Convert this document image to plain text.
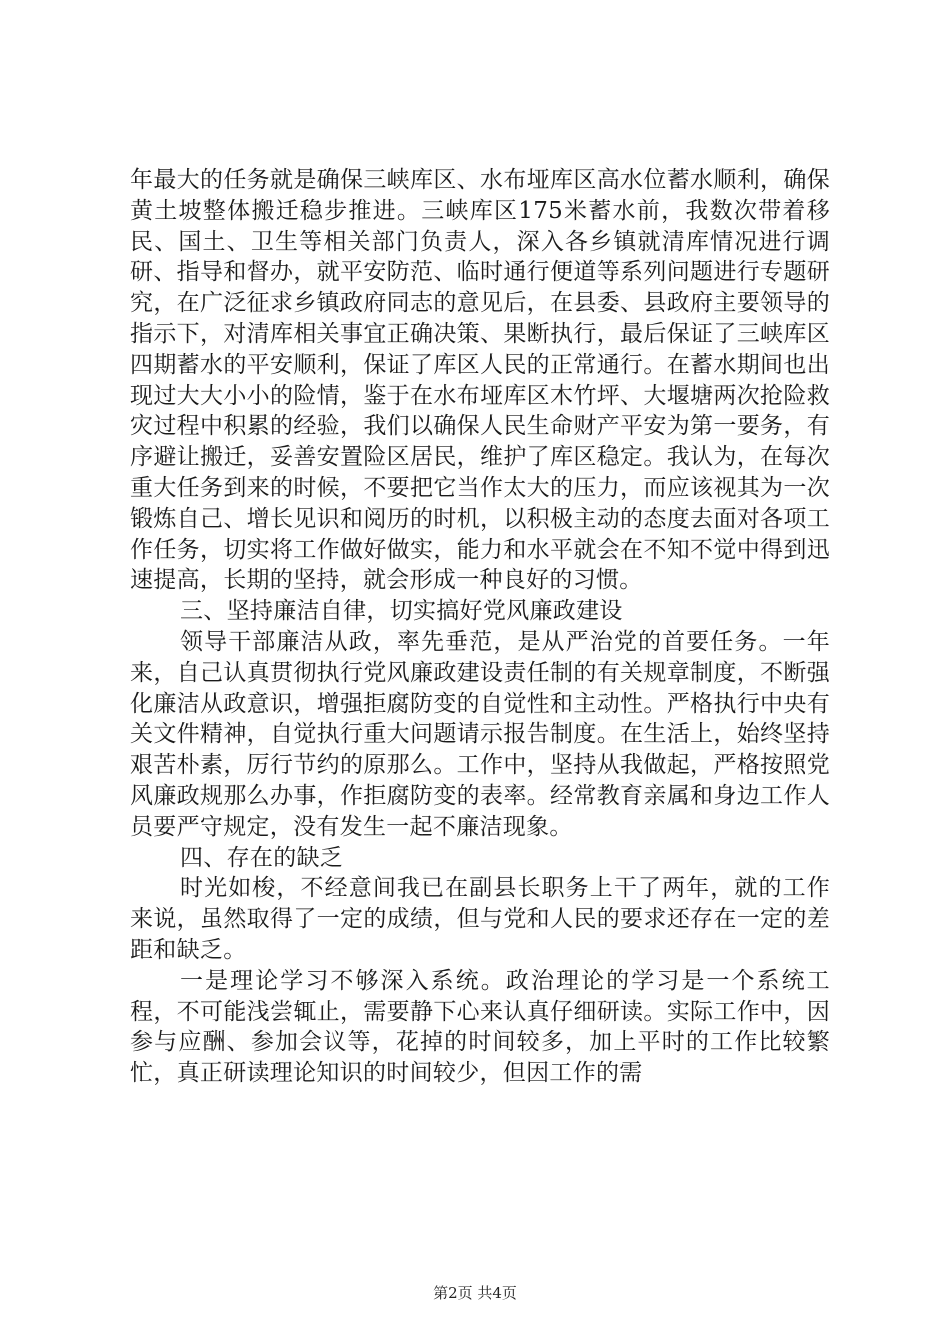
年最大的任务就是确保三峡库区、水布垭库区高水位蓄水顺利，确保黄土坡整体搬迁稳步推进。三峡库区175米蓄水前，我数次带着移民、国土、卫生等相关部门负责人，深入各乡镇就清库情况进行调研、指导和督办，就平安防范、临时通行便道等系列问题进行专题研究，在广泛征求乡镇政府同志的意见后，在县委、县政府主要领导的指示下，对清库相关事宜正确决策、果断执行，最后保证了三峡库区四期蓄水的平安顺利，保证了库区人民的正常通行。在蓄水期间也出现过大大小小的险情，鉴于在水布垭库区木竹坪、大堰塘两次抢险救灾过程中积累的经验，我们以确保人民生命财产平安为第一要务，有序避让搬迁，妥善安置险区居民，维护了库区稳定。我认为，在每次重大任务到来的时候，不要把它当作太大的压力，而应该视其为一次锻炼自己、增长见识和阅历的时机，以积极主动的态度去面对各项工作任务，切实将工作做好做实，能力和水平就会在不知不觉中得到迅速提高，长期的坚持，就会形成一种良好的习惯。

三、坚持廉洁自律，切实搞好党风廉政建设

领导干部廉洁从政，率先垂范，是从严治党的首要任务。一年来，自己认真贯彻执行党风廉政建设责任制的有关规章制度，不断强化廉洁从政意识，增强拒腐防变的自觉性和主动性。严格执行中央有关文件精神，自觉执行重大问题请示报告制度。在生活上，始终坚持艰苦朴素，厉行节约的原那么。工作中，坚持从我做起，严格按照党风廉政规那么办事，作拒腐防变的表率。经常教育亲属和身边工作人员要严守规定，没有发生一起不廉洁现象。

四、存在的缺乏

时光如梭，不经意间我已在副县长职务上干了两年，就的工作来说，虽然取得了一定的成绩，但与党和人民的要求还存在一定的差距和缺乏。

一是理论学习不够深入系统。政治理论的学习是一个系统工程，不可能浅尝辄止，需要静下心来认真仔细研读。实际工作中，因参与应酬、参加会议等，花掉的时间较多，加上平时的工作比较繁忙，真正研读理论知识的时间较少，但因工作的需

第2页 共4页
